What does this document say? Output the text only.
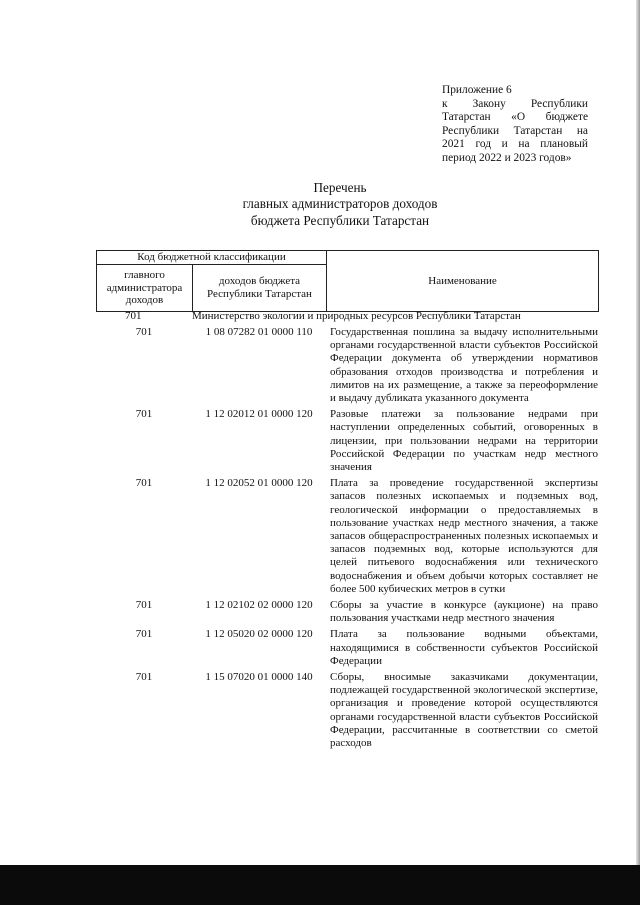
Приложение 6
к Закону Республики Татарстан «О бюджете Республики Татарстан на 2021 год и на плановый период 2022 и 2023 годов»
Перечень
главных администраторов доходов
бюджета Республики Татарстан
Код бюджетной классификации		Наименование
главного администратора доходов	доходов бюджета Республики Татарстан	
701	Министерство экологии и природных ресурсов Республики Татарстан
701	1 08 07282 01 0000 110	Государственная пошлина за выдачу исполнительными органами государственной власти субъектов Российской Федерации документа об утверждении нормативов образования отходов производства и потребления и лимитов на их размещение, а также за переоформление и выдачу дубликата указанного документа
701	1 12 02012 01 0000 120	Разовые платежи за пользование недрами при наступлении определенных событий, оговоренных в лицензии, при пользовании недрами на территории Российской Федерации по участкам недр местного значения
701	1 12 02052 01 0000 120	Плата за проведение государственной экспертизы запасов полезных ископаемых и подземных вод, геологической информации о предоставляемых в пользование участках недр местного значения, а также запасов общераспространенных полезных ископаемых и запасов подземных вод, которые используются для целей питьевого водоснабжения или технического водоснабжения и объем добычи которых составляет не более 500 кубических метров в сутки
701	1 12 02102 02 0000 120	Сборы за участие в конкурсе (аукционе) на право пользования участками недр местного значения
701	1 12 05020 02 0000 120	Плата за пользование водными объектами, находящимися в собственности субъектов Российской Федерации
701	1 15 07020 01 0000 140	Сборы, вносимые заказчиками документации, подлежащей государственной экологической экспертизе, организация и проведение которой осуществляются органами государственной власти субъектов Российской Федерации, рассчитанные в соответствии со сметой расходов
